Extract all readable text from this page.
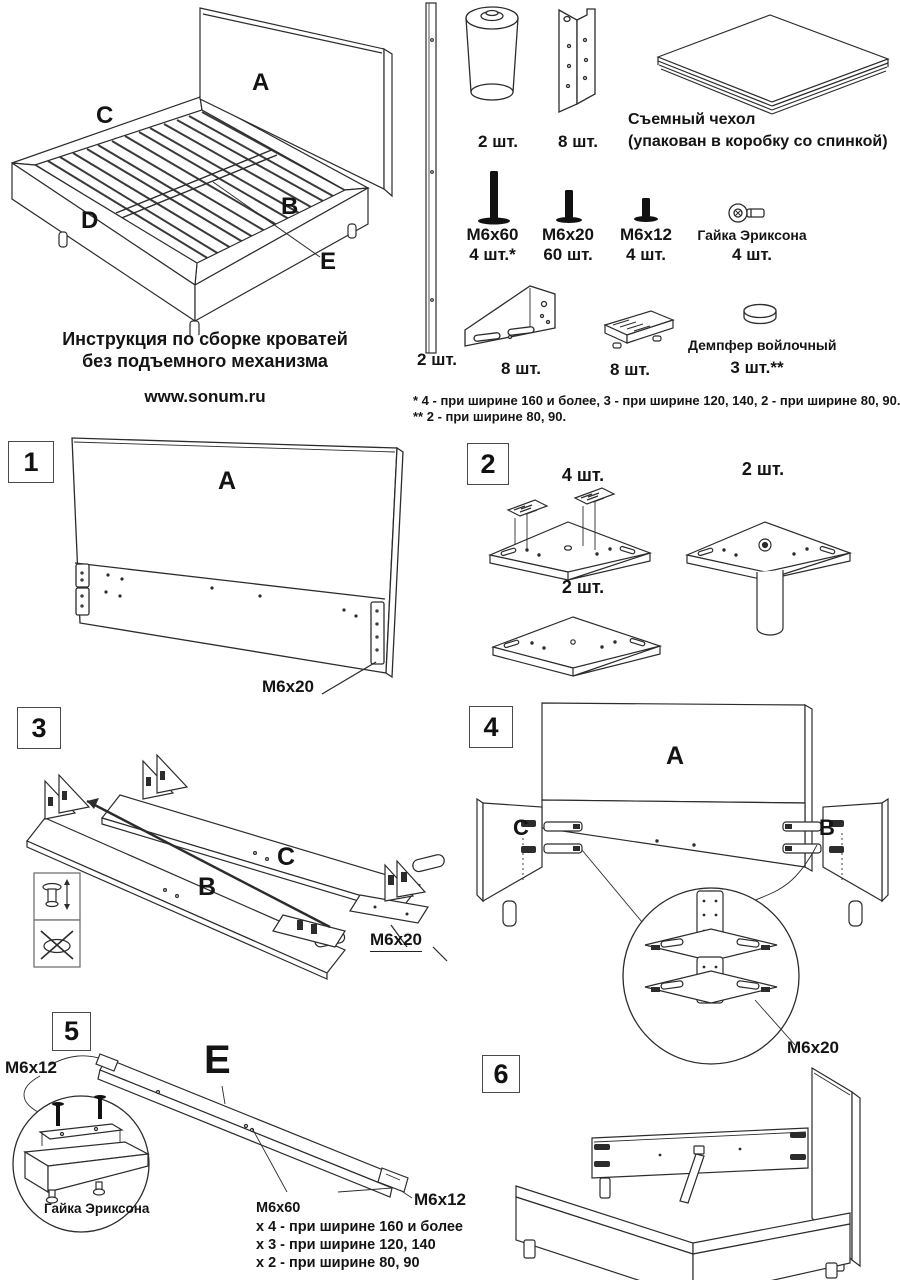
A
C
B
D
E
Инструкция по сборке кроватей
без подъемного механизма
www.sonum.ru
2 шт.
2 шт.	8 шт.
Съемный чехол
(упакован в коробку со спинкой)
M6x60
4 шт.*
M6x20
60 шт.
M6x12
4 шт.
Гайка Эриксона
4 шт.
8 шт.	8 шт.
Демпфер войлочный
3 шт.**
* 4 - при ширине 160 и более, 3 - при ширине 120, 140, 2 - при ширине 80, 90.
** 2 - при ширине 80, 90.
1
A
M6x20
2	4 шт.
2 шт.
2 шт.
3
B
C
M6x20
4
A
C	B
M6x20
5
M6x12	E
Гайка Эриксона	M6x60
x 4 - при ширине 160 и более
x 3 - при ширине 120, 140
x 2 - при ширине 80, 90
M6x12
6
